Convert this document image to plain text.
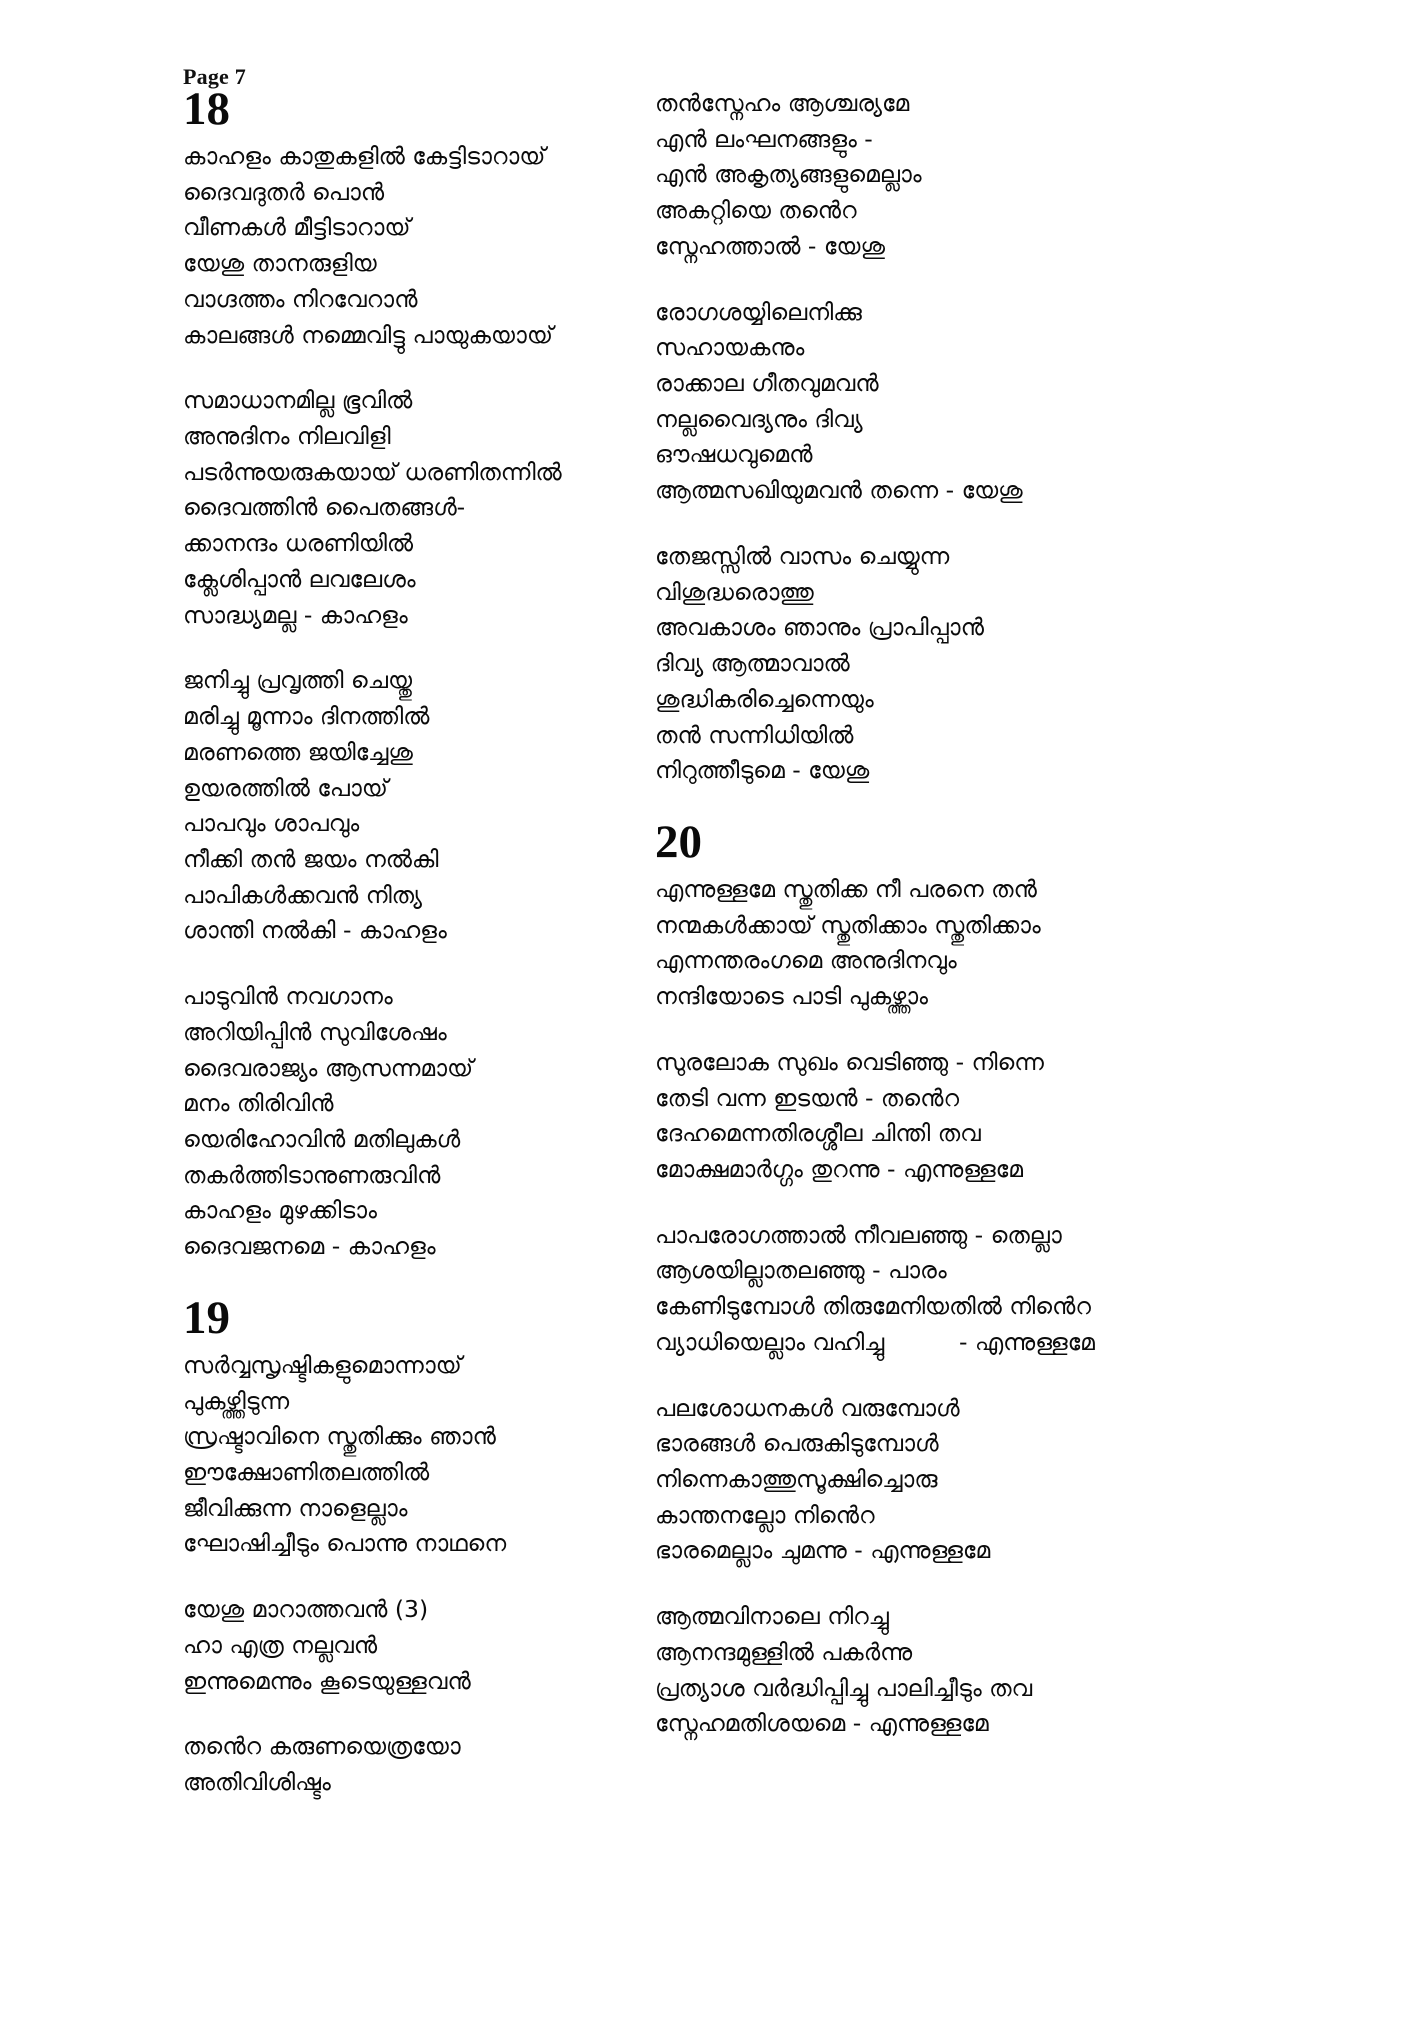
Page 7
18
കാഹളം കാതുകളിൽ കേട്ടിടാറായ്
ദൈവദുതർ പൊൻ
വീണകൾ മീട്ടിടാറായ്
യേശു താനരുളിയ
വാഗ്ദത്തം നിറവേറാൻ
കാലങ്ങൾ നമ്മെവിട്ടു പായുകയായ്
സമാധാനമില്ല ഭൂവിൽ
അനുദിനം നിലവിളി
പടർന്നുയരുകയായ് ധരണിതന്നിൽ
ദൈവത്തിൻ പൈതങ്ങൾ-
ക്കാനന്ദം ധരണിയിൽ
ക്ലേശിപ്പാൻ ലവലേശം
സാദ്ധ്യമല്ല - കാഹളം
ജനിച്ചു പ്രവൃത്തി ചെയ്തു
മരിച്ചു മൂന്നാം ദിനത്തിൽ
മരണത്തെ ജയിച്ചേശു
ഉയരത്തിൽ പോയ്
പാപവും ശാപവും
നീക്കി തൻ ജയം നൽകി
പാപികൾക്കവൻ നിത്യ
ശാന്തി നൽകി - കാഹളം
പാടുവിൻ നവഗാനം
അറിയിപ്പിൻ സുവിശേഷം
ദൈവരാജ്യം ആസന്നമായ്
മനം തിരിവിൻ
യെരിഹോവിൻ മതിലുകൾ
തകർത്തിടാനുണരുവിൻ
കാഹളം മുഴക്കിടാം
ദൈവജനമെ - കാഹളം
19
സർവ്വസൃഷ്ടികളുമൊന്നായ്
പുകഴ്ത്തിടുന്ന
സ്രഷ്ടാവിനെ സ്തുതിക്കും ഞാൻ
ഈക്ഷോണിതലത്തിൽ
ജീവിക്കുന്ന നാളെല്ലാം
ഘോഷിച്ചീടും പൊന്നു നാഥനെ
യേശു മാറാത്തവൻ (3)
ഹാ എത്ര നല്ലവൻ
ഇന്നുമെന്നും കൂടെയുള്ളവൻ
തൻെറ കരുണയെത്രയോ
അതിവിശിഷ്ടം
തൻസ്നേഹം ആശ്ചര്യമേ
എൻ ലംഘനങ്ങളും -
എൻ അകൃത്യങ്ങളുമെല്ലാം
അകറ്റിയെ തൻെറ
സ്നേഹത്താൽ - യേശു
രോഗശയ്യിലെനിക്കു
സഹായകനും
രാക്കാല ഗീതവുമവൻ
നല്ലവൈദ്യനും ദിവ്യ
ഔഷധവുമെൻ
ആത്മസഖിയുമവൻ തന്നെ - യേശു
തേജസ്സിൽ വാസം ചെയ്യുന്ന
വിശുദ്ധരൊത്തു
അവകാശം ഞാനും പ്രാപിപ്പാൻ
ദിവ്യ ആത്മാവാൽ
ശുദ്ധികരിച്ചെന്നെയും
തൻ സന്നിധിയിൽ
നിറുത്തീടുമെ - യേശു
20
എന്നുള്ളമേ സ്തുതിക്ക നീ പരനെ തൻ
നന്മകൾക്കായ് സ്തുതിക്കാം സ്തുതിക്കാം
എന്നന്തരംഗമെ അനുദിനവും
നന്ദിയോടെ പാടി പുകഴ്ത്താം
സുരലോക സുഖം വെടിഞ്ഞു - നിന്നെ
തേടി വന്ന ഇടയൻ - തൻെറ
ദേഹമെന്നതിരശ്ശീല ചിന്തി തവ
മോക്ഷമാർഗ്ഗം തുറന്നു - എന്നുള്ളമേ
പാപരോഗത്താൽ നീവലഞ്ഞു - തെല്ലാ
ആശയില്ലാതലഞ്ഞു - പാരം
കേണിടുമ്പോൾ തിരുമേനിയതിൽ നിൻെറ
വ്യാധിയെല്ലാം വഹിച്ചു          - എന്നുള്ളമേ
പലശോധനകൾ വരുമ്പോൾ
ഭാരങ്ങൾ പെരുകിടുമ്പോൾ
നിന്നെകാത്തുസൂക്ഷിച്ചൊരു
കാന്തനല്ലോ നിൻെറ
ഭാരമെല്ലാം ചുമന്നു - എന്നുള്ളമേ
ആത്മവിനാലെ നിറച്ചു
ആനന്ദമുള്ളിൽ പകർന്നു
പ്രത്യാശ വർദ്ധിപ്പിച്ചു പാലിച്ചീടും തവ
സ്നേഹമതിശയമെ - എന്നുള്ളമേ
